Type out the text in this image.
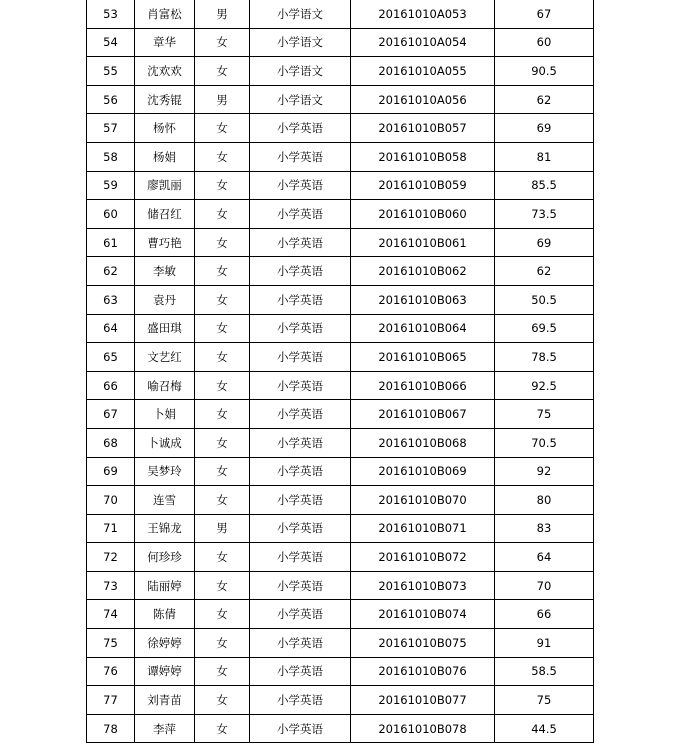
53	肖富松	男	小学语文	20161010A053	67
54	章华	女	小学语文	20161010A054	60
55	沈欢欢	女	小学语文	20161010A055	90.5
56	沈秀锟	男	小学语文	20161010A056	62
57	杨怀	女	小学英语	20161010B057	69
58	杨娟	女	小学英语	20161010B058	81
59	廖凯丽	女	小学英语	20161010B059	85.5
60	储召红	女	小学英语	20161010B060	73.5
61	曹巧艳	女	小学英语	20161010B061	69
62	李敏	女	小学英语	20161010B062	62
63	袁丹	女	小学英语	20161010B063	50.5
64	盛田琪	女	小学英语	20161010B064	69.5
65	文艺红	女	小学英语	20161010B065	78.5
66	喻召梅	女	小学英语	20161010B066	92.5
67	卜娟	女	小学英语	20161010B067	75
68	卜诚成	女	小学英语	20161010B068	70.5
69	吴梦玲	女	小学英语	20161010B069	92
70	连雪	女	小学英语	20161010B070	80
71	王锦龙	男	小学英语	20161010B071	83
72	何珍珍	女	小学英语	20161010B072	64
73	陆丽婷	女	小学英语	20161010B073	70
74	陈倩	女	小学英语	20161010B074	66
75	徐婷婷	女	小学英语	20161010B075	91
76	谭婷婷	女	小学英语	20161010B076	58.5
77	刘青苗	女	小学英语	20161010B077	75
78	李萍	女	小学英语	20161010B078	44.5
